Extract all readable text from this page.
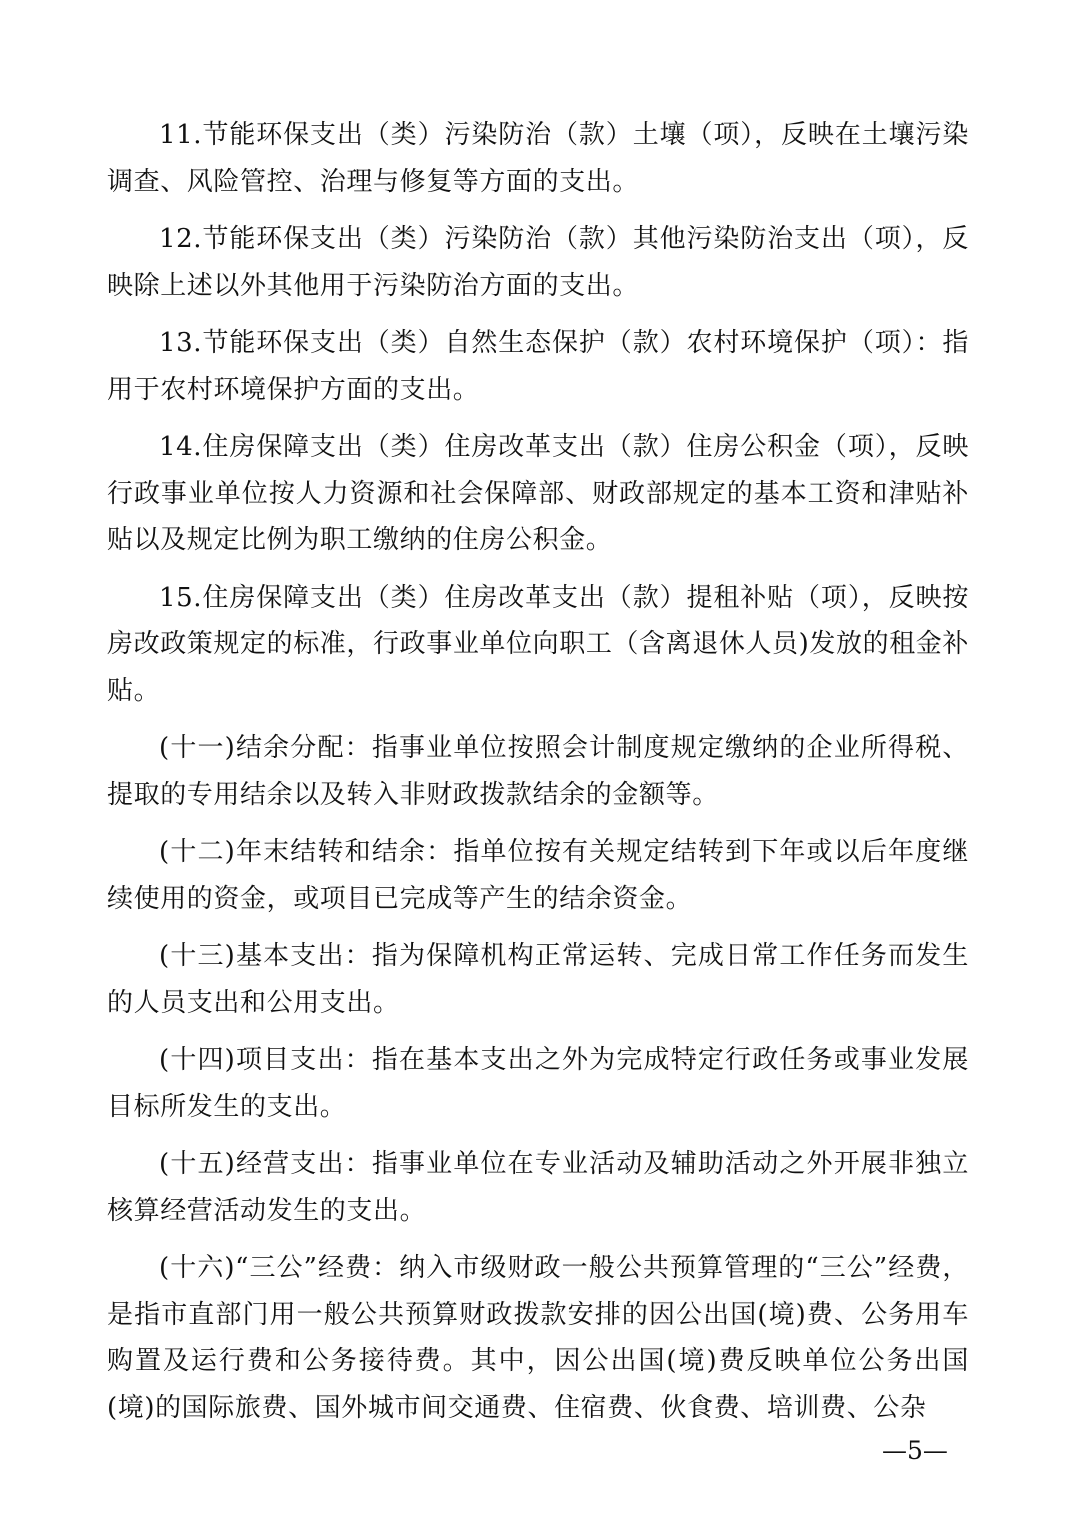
11.节能环保支出（类）污染防治（款）土壤（项），反映在土壤污染调查、风险管控、治理与修复等方面的支出。

12.节能环保支出（类）污染防治（款）其他污染防治支出（项），反映除上述以外其他用于污染防治方面的支出。

13.节能环保支出（类）自然生态保护（款）农村环境保护（项）：指用于农村环境保护方面的支出。

14.住房保障支出（类）住房改革支出（款）住房公积金（项），反映行政事业单位按人力资源和社会保障部、财政部规定的基本工资和津贴补贴以及规定比例为职工缴纳的住房公积金。

15.住房保障支出（类）住房改革支出（款）提租补贴（项），反映按房改政策规定的标准，行政事业单位向职工（含离退休人员)发放的租金补贴。

(十一)结余分配：指事业单位按照会计制度规定缴纳的企业所得税、提取的专用结余以及转入非财政拨款结余的金额等。

(十二)年末结转和结余：指单位按有关规定结转到下年或以后年度继续使用的资金，或项目已完成等产生的结余资金。

(十三)基本支出：指为保障机构正常运转、完成日常工作任务而发生的人员支出和公用支出。

(十四)项目支出：指在基本支出之外为完成特定行政任务或事业发展目标所发生的支出。

(十五)经营支出：指事业单位在专业活动及辅助活动之外开展非独立核算经营活动发生的支出。

(十六)“三公”经费：纳入市级财政一般公共预算管理的“三公”经费，是指市直部门用一般公共预算财政拨款安排的因公出国(境)费、公务用车购置及运行费和公务接待费。其中，因公出国(境)费反映单位公务出国(境)的国际旅费、国外城市间交通费、住宿费、伙食费、培训费、公杂

—5—
